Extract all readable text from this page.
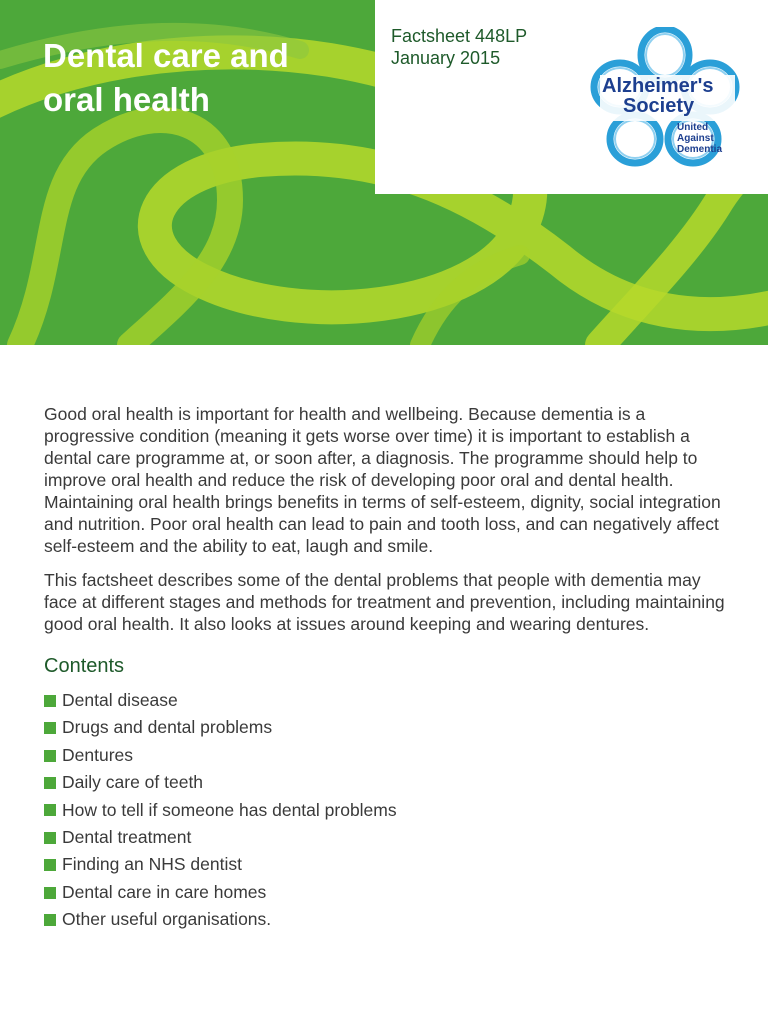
Dental care and
oral health
Factsheet 448LP
January 2015
Alzheimer's
Society
United
Against
Dementia

Good oral health is important for health and wellbeing. Because dementia is a progressive condition (meaning it gets worse over time) it is important to establish a dental care programme at, or soon after, a diagnosis. The programme should help to improve oral health and reduce the risk of developing poor oral and dental health. Maintaining oral health brings benefits in terms of self-esteem, dignity, social integration and nutrition. Poor oral health can lead to pain and tooth loss, and can negatively affect self-esteem and the ability to eat, laugh and smile.

This factsheet describes some of the dental problems that people with dementia may face at different stages and methods for treatment and prevention, including maintaining good oral health. It also looks at issues around keeping and wearing dentures.

Contents
Dental disease
Drugs and dental problems
Dentures
Daily care of teeth
How to tell if someone has dental problems
Dental treatment
Finding an NHS dentist
Dental care in care homes
Other useful organisations.
